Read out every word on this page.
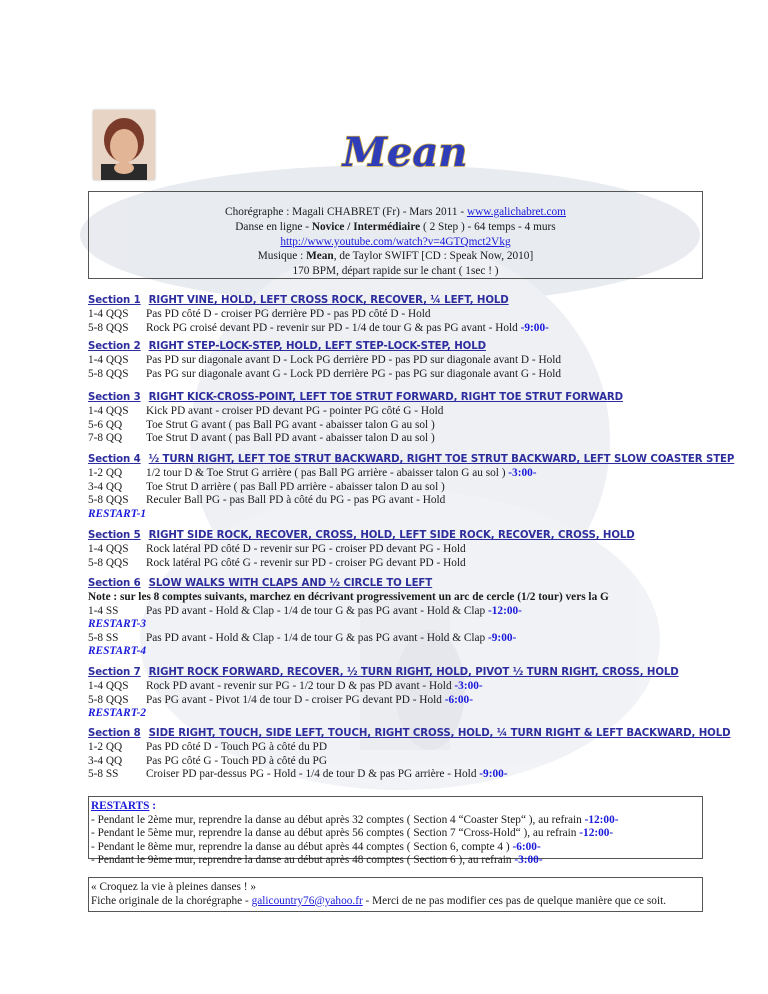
Mean
Chorégraphe : Magali CHABRET (Fr) - Mars 2011 - www.galichabret.com
Danse en ligne - Novice / Intermédiaire ( 2 Step ) - 64 temps - 4 murs
http://www.youtube.com/watch?v=4GTQmct2Vkg
Musique : Mean, de Taylor SWIFT [CD : Speak Now, 2010]
170 BPM, départ rapide sur le chant ( 1sec ! )
Section 1 RIGHT VINE, HOLD, LEFT CROSS ROCK, RECOVER, ¼ LEFT, HOLD
1-4 QQS Pas PD côté D - croiser PG derrière PD - pas PD côté D - Hold
5-8 QQS Rock PG croisé devant PD - revenir sur PD - 1/4 de tour G & pas PG avant - Hold -9:00-
Section 2 RIGHT STEP-LOCK-STEP, HOLD, LEFT STEP-LOCK-STEP, HOLD
1-4 QQS Pas PD sur diagonale avant D - Lock PG derrière PD - pas PD sur diagonale avant D - Hold
5-8 QQS Pas PG sur diagonale avant G - Lock PD derrière PG - pas PG sur diagonale avant G - Hold
Section 3 RIGHT KICK-CROSS-POINT, LEFT TOE STRUT FORWARD, RIGHT TOE STRUT FORWARD
1-4 QQS Kick PD avant - croiser PD devant PG - pointer PG côté G - Hold
5-6 QQ Toe Strut G avant ( pas Ball PG avant - abaisser talon G au sol )
7-8 QQ Toe Strut D avant ( pas Ball PD avant - abaisser talon D au sol )
Section 4 ½ TURN RIGHT, LEFT TOE STRUT BACKWARD, RIGHT TOE STRUT BACKWARD, LEFT SLOW COASTER STEP
1-2 QQ 1/2 tour D & Toe Strut G arrière ( pas Ball PG arrière - abaisser talon G au sol ) -3:00-
3-4 QQ Toe Strut D arrière ( pas Ball PD arrière - abaisser talon D au sol )
5-8 QQS Reculer Ball PG - pas Ball PD à côté du PG - pas PG avant - Hold
RESTART-1
Section 5 RIGHT SIDE ROCK, RECOVER, CROSS, HOLD, LEFT SIDE ROCK, RECOVER, CROSS, HOLD
1-4 QQS Rock latéral PD côté D - revenir sur PG - croiser PD devant PG - Hold
5-8 QQS Rock latéral PG côté G - revenir sur PD - croiser PG devant PD - Hold
Section 6 SLOW WALKS WITH CLAPS AND ½ CIRCLE TO LEFT
Note : sur les 8 comptes suivants, marchez en décrivant progressivement un arc de cercle (1/2 tour) vers la G
1-4 SS Pas PD avant - Hold & Clap - 1/4 de tour G & pas PG avant - Hold & Clap -12:00-
RESTART-3
5-8 SS Pas PD avant - Hold & Clap - 1/4 de tour G & pas PG avant - Hold & Clap -9:00-
RESTART-4
Section 7 RIGHT ROCK FORWARD, RECOVER, ½ TURN RIGHT, HOLD, PIVOT ½ TURN RIGHT, CROSS, HOLD
1-4 QQS Rock PD avant - revenir sur PG - 1/2 tour D & pas PD avant - Hold -3:00-
5-8 QQS Pas PG avant - Pivot 1/4 de tour D - croiser PG devant PD - Hold -6:00-
RESTART-2
Section 8 SIDE RIGHT, TOUCH, SIDE LEFT, TOUCH, RIGHT CROSS, HOLD, ¼ TURN RIGHT & LEFT BACKWARD, HOLD
1-2 QQ Pas PD côté D - Touch PG à côté du PD
3-4 QQ Pas PG côté G - Touch PD à côté du PG
5-8 SS Croiser PD par-dessus PG - Hold - 1/4 de tour D & pas PG arrière - Hold -9:00-
RESTARTS :
- Pendant le 2ème mur, reprendre la danse au début après 32 comptes ( Section 4 “Coaster Step“ ), au refrain -12:00-
- Pendant le 5ème mur, reprendre la danse au début après 56 comptes ( Section 7 “Cross-Hold“ ), au refrain -12:00-
- Pendant le 8ème mur, reprendre la danse au début après 44 comptes ( Section 6, compte 4 ) -6:00-
- Pendant le 9ème mur, reprendre la danse au début après 48 comptes ( Section 6 ), au refrain -3:00-
« Croquez la vie à pleines danses ! »
Fiche originale de la chorégraphe - galicountry76@yahoo.fr - Merci de ne pas modifier ces pas de quelque manière que ce soit.
